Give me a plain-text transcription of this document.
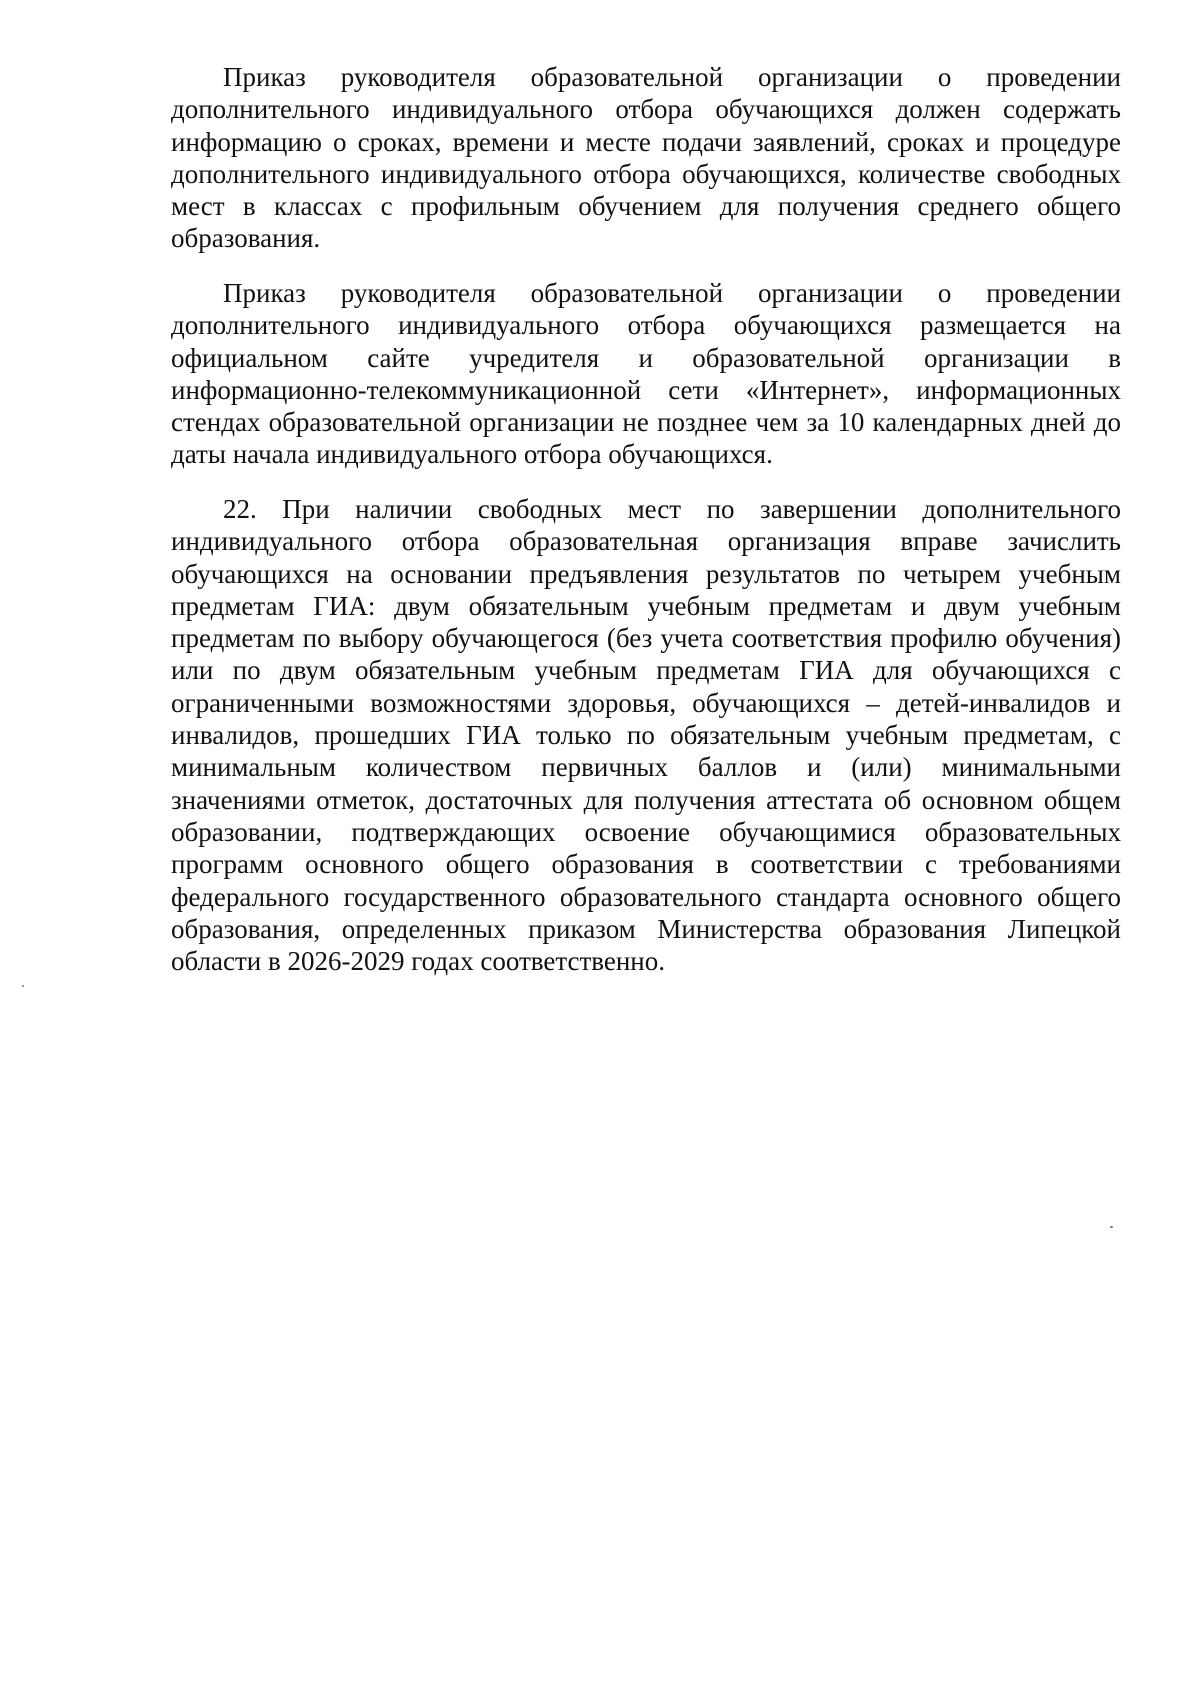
Приказ руководителя образовательной организации о проведении дополнительного индивидуального отбора обучающихся должен содержать информацию о сроках, времени и месте подачи заявлений, сроках и процедуре дополнительного индивидуального отбора обучающихся, количестве свободных мест в классах с профильным обучением для получения среднего общего образования.
Приказ руководителя образовательной организации о проведении дополнительного индивидуального отбора обучающихся размещается на официальном сайте учредителя и образовательной организации в информационно-телекоммуникационной сети «Интернет», информационных стендах образовательной организации не позднее чем за 10 календарных дней до даты начала индивидуального отбора обучающихся.
22. При наличии свободных мест по завершении дополнительного индивидуального отбора образовательная организация вправе зачислить обучающихся на основании предъявления результатов по четырем учебным предметам ГИА: двум обязательным учебным предметам и двум учебным предметам по выбору обучающегося (без учета соответствия профилю обучения) или по двум обязательным учебным предметам ГИА для обучающихся с ограниченными возможностями здоровья, обучающихся – детей-инвалидов и инвалидов, прошедших ГИА только по обязательным учебным предметам, с минимальным количеством первичных баллов и (или) минимальными значениями отметок, достаточных для получения аттестата об основном общем образовании, подтверждающих освоение обучающимися образовательных программ основного общего образования в соответствии с требованиями федерального государственного образовательного стандарта основного общего образования, определенных приказом Министерства образования Липецкой области в 2026-2029 годах соответственно.
